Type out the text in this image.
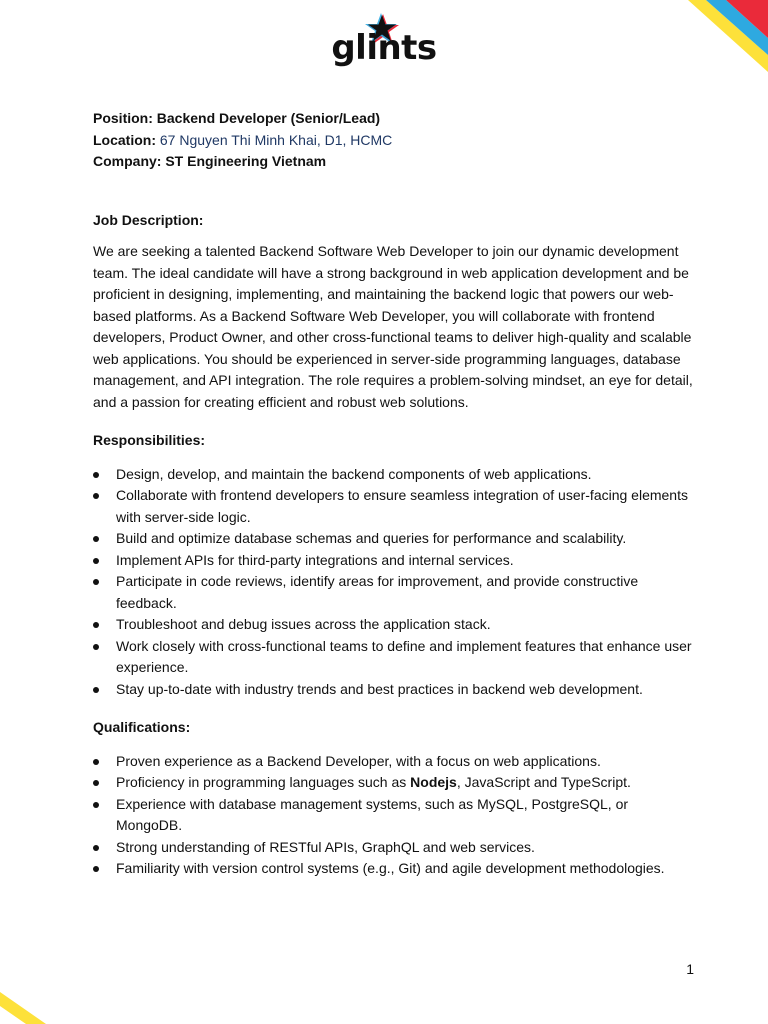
glints

Position: Backend Developer (Senior/Lead)

Location: 67 Nguyen Thi Minh Khai, D1, HCMC

Company: ST Engineering Vietnam

Job Description:

We are seeking a talented Backend Software Web Developer to join our dynamic development team. The ideal candidate will have a strong background in web application development and be proficient in designing, implementing, and maintaining the backend logic that powers our web-based platforms. As a Backend Software Web Developer, you will collaborate with frontend developers, Product Owner, and other cross-functional teams to deliver high-quality and scalable web applications. You should be experienced in server-side programming languages, database management, and API integration. The role requires a problem-solving mindset, an eye for detail, and a passion for creating efficient and robust web solutions.

Responsibilities:

Design, develop, and maintain the backend components of web applications.
Collaborate with frontend developers to ensure seamless integration of user-facing elements with server-side logic.
Build and optimize database schemas and queries for performance and scalability.
Implement APIs for third-party integrations and internal services.
Participate in code reviews, identify areas for improvement, and provide constructive feedback.
Troubleshoot and debug issues across the application stack.
Work closely with cross-functional teams to define and implement features that enhance user experience.
Stay up-to-date with industry trends and best practices in backend web development.

Qualifications:

Proven experience as a Backend Developer, with a focus on web applications.
Proficiency in programming languages such as Nodejs, JavaScript and TypeScript.
Experience with database management systems, such as MySQL, PostgreSQL, or MongoDB.
Strong understanding of RESTful APIs, GraphQL and web services.
Familiarity with version control systems (e.g., Git) and agile development methodologies.
1
